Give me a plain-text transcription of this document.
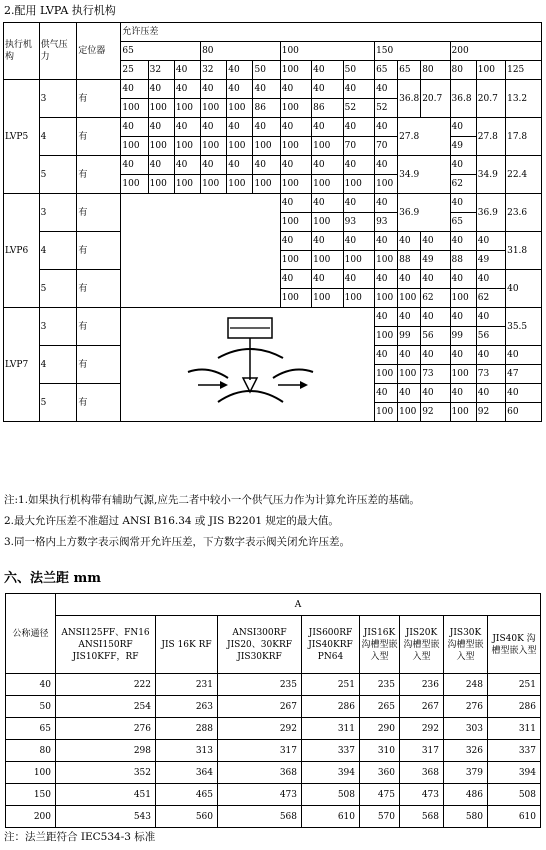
2.配用 LVPA 执行机构
执行机构	供气压力	定位器	允许压差														
			65			80			100			150			200		
			25	32	40	32	40	50	100	40	50	65	65	80	80	100	125
LVP5	3	有	40	40	40	40	40	40	40	40	40	40	36.8	20.7	36.8	20.7	13.2
			100	100	100	100	100	86	100	86	52	52					
	4	有	40	40	40	40	40	40	40	40	40	40	27.8		40	27.8	17.8
			100	100	100	100	100	100	100	100	70	70			49		
	5	有	40	40	40	40	40	40	40	40	40	40	34.9		40	34.9	22.4
			100	100	100	100	100	100	100	100	100	100			62		
LVP6	3	有							40	40	40	40	36.9		40	36.9	23.6
									100	100	93	93			65		
	4	有							40	40	40	40	40	40	40	40	31.8
									100	100	100	100	88	49	88	49	
	5	有							40	40	40	40	40	40	40	40	40
									100	100	100	100	100	62	100	62	
LVP7	3	有										40	40	40	40	40	35.5
												100	99	56	99	56	
	4	有										40	40	40	40	40	40
												100	100	73	100	73	47
	5	有										40	40	40	40	40	40
												100	100	92	100	92	60
注:1.如果执行机构带有辅助气源,应先二者中较小一个供气压力作为计算允许压差的基础。
2.最大允许压差不准超过 ANSI B16.34 或 JIS B2201 规定的最大值。
3.同一格内上方数字表示阀常开允许压差，下方数字表示阀关闭允许压差。
六、法兰距 mm
公称通径	A							
	ANSI125FF、FN16 ANSI150RF JIS10KFF，RF	JIS 16K RF	ANSI300RF JIS20、30KRF JIS30KRF	JIS600RF JIS40KRF PN64	JIS16K 沟槽型嵌入型	JIS20K 沟槽型嵌入型	JIS30K 沟槽型嵌入型	JIS40K 沟槽型嵌入型
40	222	231	235	251	235	236	248	251
50	254	263	267	286	265	267	276	286
65	276	288	292	311	290	292	303	311
80	298	313	317	337	310	317	326	337
100	352	364	368	394	360	368	379	394
150	451	465	473	508	475	473	486	508
200	543	560	568	610	570	568	580	610
注：法兰距符合 IEC534-3 标准
